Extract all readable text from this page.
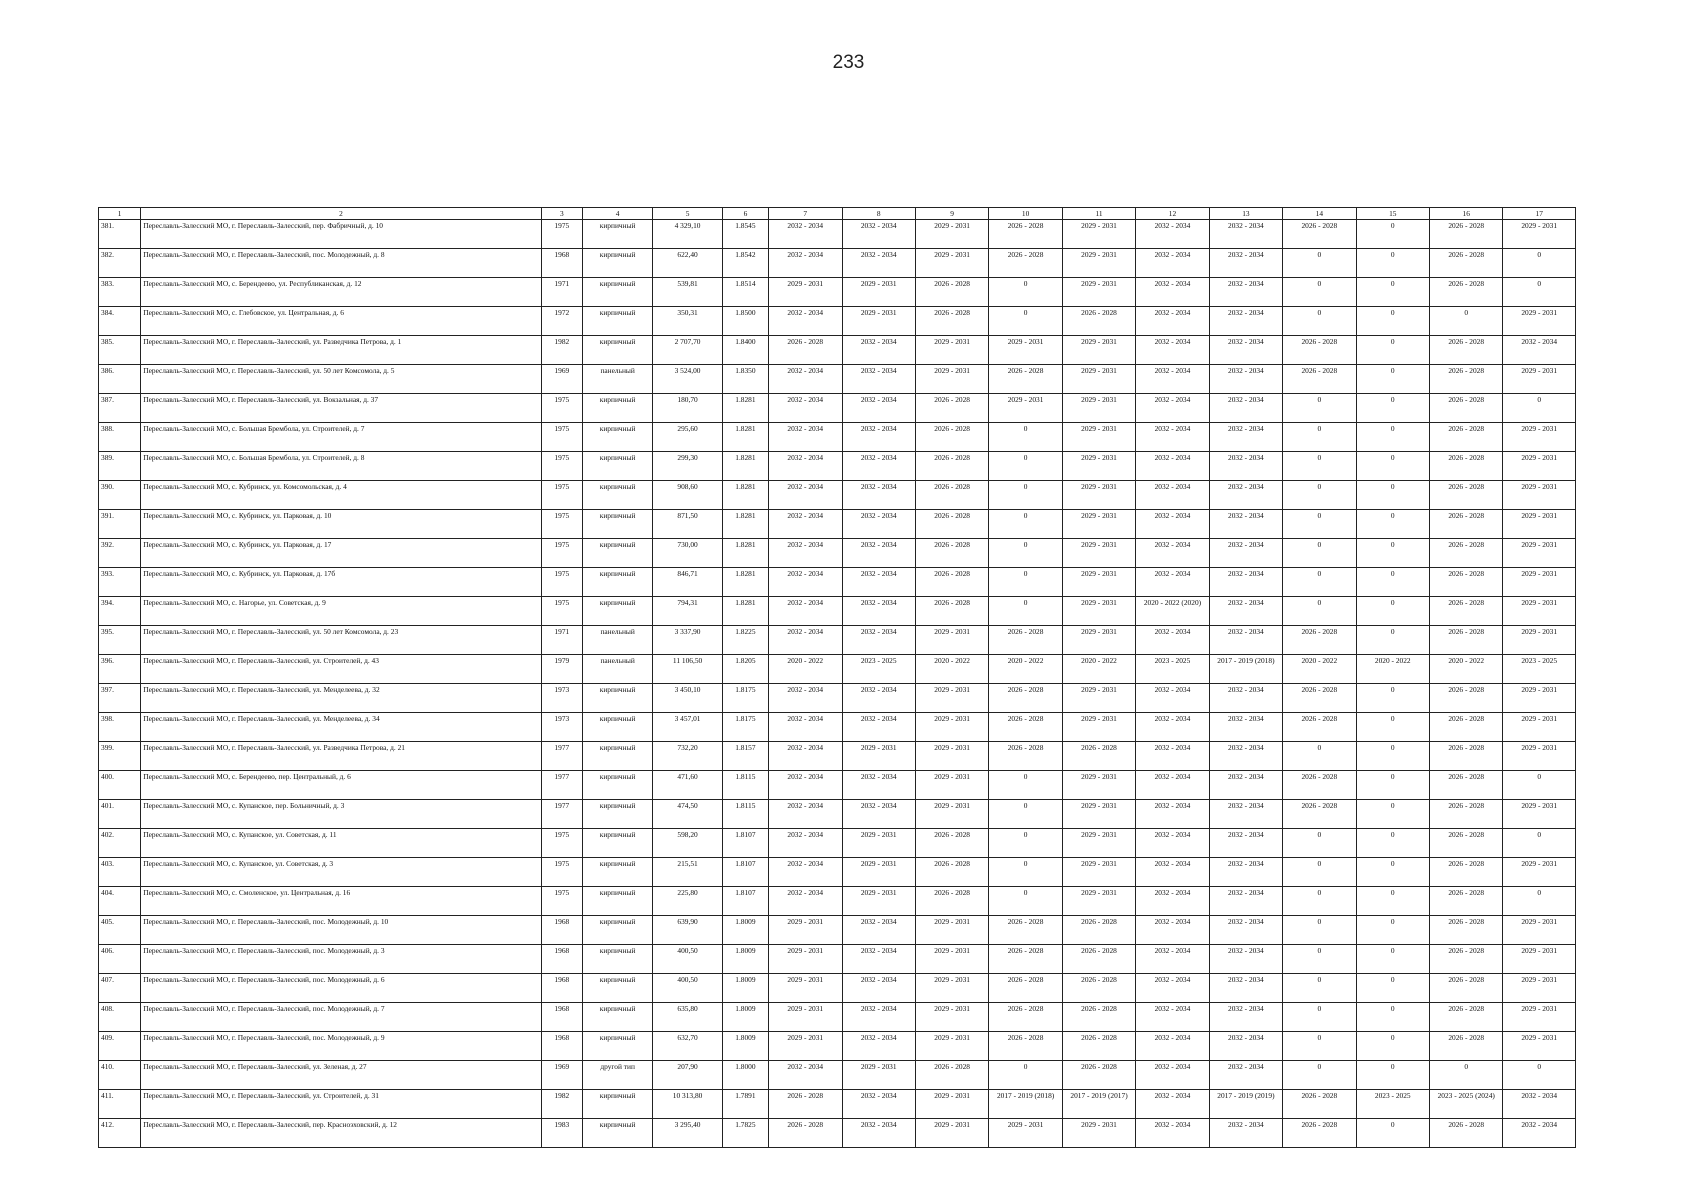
233
1	2	3	4	5	6	7	8	9	10	11	12	13	14	15	16	17
381.	Переславль-Залесский МО, г. Переславль-Залесский, пер. Фабричный, д. 10	1975	кирпичный	4 329,10	1.8545	2032 - 2034	2032 - 2034	2029 - 2031	2026 - 2028	2029 - 2031	2032 - 2034	2032 - 2034	2026 - 2028	0	2026 - 2028	2029 - 2031
382.	Переславль-Залесский МО, г. Переславль-Залесский, пос. Молодежный, д. 8	1968	кирпичный	622,40	1.8542	2032 - 2034	2032 - 2034	2029 - 2031	2026 - 2028	2029 - 2031	2032 - 2034	2032 - 2034	0	0	2026 - 2028	0
383.	Переславль-Залесский МО, с. Берендеево, ул. Республиканская, д. 12	1971	кирпичный	539,81	1.8514	2029 - 2031	2029 - 2031	2026 - 2028	0	2029 - 2031	2032 - 2034	2032 - 2034	0	0	2026 - 2028	0
384.	Переславль-Залесский МО, с. Глебовское, ул. Центральная, д. 6	1972	кирпичный	350,31	1.8500	2032 - 2034	2029 - 2031	2026 - 2028	0	2026 - 2028	2032 - 2034	2032 - 2034	0	0	0	2029 - 2031
385.	Переславль-Залесский МО, г. Переславль-Залесский, ул. Разведчика Петрова, д. 1	1982	кирпичный	2 707,70	1.8400	2026 - 2028	2032 - 2034	2029 - 2031	2029 - 2031	2029 - 2031	2032 - 2034	2032 - 2034	2026 - 2028	0	2026 - 2028	2032 - 2034
386.	Переславль-Залесский МО, г. Переславль-Залесский, ул. 50 лет Комсомола, д. 5	1969	панельный	3 524,00	1.8350	2032 - 2034	2032 - 2034	2029 - 2031	2026 - 2028	2029 - 2031	2032 - 2034	2032 - 2034	2026 - 2028	0	2026 - 2028	2029 - 2031
387.	Переславль-Залесский МО, г. Переславль-Залесский, ул. Вокзальная, д. 37	1975	кирпичный	180,70	1.8281	2032 - 2034	2032 - 2034	2026 - 2028	2029 - 2031	2029 - 2031	2032 - 2034	2032 - 2034	0	0	2026 - 2028	0
388.	Переславль-Залесский МО, с. Большая Брембола, ул. Строителей, д. 7	1975	кирпичный	295,60	1.8281	2032 - 2034	2032 - 2034	2026 - 2028	0	2029 - 2031	2032 - 2034	2032 - 2034	0	0	2026 - 2028	2029 - 2031
389.	Переславль-Залесский МО, с. Большая Брембола, ул. Строителей, д. 8	1975	кирпичный	299,30	1.8281	2032 - 2034	2032 - 2034	2026 - 2028	0	2029 - 2031	2032 - 2034	2032 - 2034	0	0	2026 - 2028	2029 - 2031
390.	Переславль-Залесский МО, с. Кубринск, ул. Комсомольская, д. 4	1975	кирпичный	908,60	1.8281	2032 - 2034	2032 - 2034	2026 - 2028	0	2029 - 2031	2032 - 2034	2032 - 2034	0	0	2026 - 2028	2029 - 2031
391.	Переславль-Залесский МО, с. Кубринск, ул. Парковая, д. 10	1975	кирпичный	871,50	1.8281	2032 - 2034	2032 - 2034	2026 - 2028	0	2029 - 2031	2032 - 2034	2032 - 2034	0	0	2026 - 2028	2029 - 2031
392.	Переславль-Залесский МО, с. Кубринск, ул. Парковая, д. 17	1975	кирпичный	730,00	1.8281	2032 - 2034	2032 - 2034	2026 - 2028	0	2029 - 2031	2032 - 2034	2032 - 2034	0	0	2026 - 2028	2029 - 2031
393.	Переславль-Залесский МО, с. Кубринск, ул. Парковая, д. 17б	1975	кирпичный	846,71	1.8281	2032 - 2034	2032 - 2034	2026 - 2028	0	2029 - 2031	2032 - 2034	2032 - 2034	0	0	2026 - 2028	2029 - 2031
394.	Переславль-Залесский МО, с. Нагорье, ул. Советская, д. 9	1975	кирпичный	794,31	1.8281	2032 - 2034	2032 - 2034	2026 - 2028	0	2029 - 2031	2020 - 2022 (2020)	2032 - 2034	0	0	2026 - 2028	2029 - 2031
395.	Переславль-Залесский МО, г. Переславль-Залесский, ул. 50 лет Комсомола, д. 23	1971	панельный	3 337,90	1.8225	2032 - 2034	2032 - 2034	2029 - 2031	2026 - 2028	2029 - 2031	2032 - 2034	2032 - 2034	2026 - 2028	0	2026 - 2028	2029 - 2031
396.	Переславль-Залесский МО, г. Переславль-Залесский, ул. Строителей, д. 43	1979	панельный	11 106,50	1.8205	2020 - 2022	2023 - 2025	2020 - 2022	2020 - 2022	2020 - 2022	2023 - 2025	2017 - 2019 (2018)	2020 - 2022	2020 - 2022	2020 - 2022	2023 - 2025
397.	Переславль-Залесский МО, г. Переславль-Залесский, ул. Менделеева, д. 32	1973	кирпичный	3 450,10	1.8175	2032 - 2034	2032 - 2034	2029 - 2031	2026 - 2028	2029 - 2031	2032 - 2034	2032 - 2034	2026 - 2028	0	2026 - 2028	2029 - 2031
398.	Переславль-Залесский МО, г. Переславль-Залесский, ул. Менделеева, д. 34	1973	кирпичный	3 457,01	1.8175	2032 - 2034	2032 - 2034	2029 - 2031	2026 - 2028	2029 - 2031	2032 - 2034	2032 - 2034	2026 - 2028	0	2026 - 2028	2029 - 2031
399.	Переславль-Залесский МО, г. Переславль-Залесский, ул. Разведчика Петрова, д. 21	1977	кирпичный	732,20	1.8157	2032 - 2034	2029 - 2031	2029 - 2031	2026 - 2028	2026 - 2028	2032 - 2034	2032 - 2034	0	0	2026 - 2028	2029 - 2031
400.	Переславль-Залесский МО, с. Берендеево, пер. Центральный, д. 6	1977	кирпичный	471,60	1.8115	2032 - 2034	2032 - 2034	2029 - 2031	0	2029 - 2031	2032 - 2034	2032 - 2034	2026 - 2028	0	2026 - 2028	0
401.	Переславль-Залесский МО, с. Купанское, пер. Больничный, д. 3	1977	кирпичный	474,50	1.8115	2032 - 2034	2032 - 2034	2029 - 2031	0	2029 - 2031	2032 - 2034	2032 - 2034	2026 - 2028	0	2026 - 2028	2029 - 2031
402.	Переславль-Залесский МО, с. Купанское, ул. Советская, д. 11	1975	кирпичный	598,20	1.8107	2032 - 2034	2029 - 2031	2026 - 2028	0	2029 - 2031	2032 - 2034	2032 - 2034	0	0	2026 - 2028	0
403.	Переславль-Залесский МО, с. Купанское, ул. Советская, д. 3	1975	кирпичный	215,51	1.8107	2032 - 2034	2029 - 2031	2026 - 2028	0	2029 - 2031	2032 - 2034	2032 - 2034	0	0	2026 - 2028	2029 - 2031
404.	Переславль-Залесский МО, с. Смоленское, ул. Центральная, д. 16	1975	кирпичный	225,80	1.8107	2032 - 2034	2029 - 2031	2026 - 2028	0	2029 - 2031	2032 - 2034	2032 - 2034	0	0	2026 - 2028	0
405.	Переславль-Залесский МО, г. Переславль-Залесский, пос. Молодежный, д. 10	1968	кирпичный	639,90	1.8009	2029 - 2031	2032 - 2034	2029 - 2031	2026 - 2028	2026 - 2028	2032 - 2034	2032 - 2034	0	0	2026 - 2028	2029 - 2031
406.	Переславль-Залесский МО, г. Переславль-Залесский, пос. Молодежный, д. 3	1968	кирпичный	400,50	1.8009	2029 - 2031	2032 - 2034	2029 - 2031	2026 - 2028	2026 - 2028	2032 - 2034	2032 - 2034	0	0	2026 - 2028	2029 - 2031
407.	Переславль-Залесский МО, г. Переславль-Залесский, пос. Молодежный, д. 6	1968	кирпичный	400,50	1.8009	2029 - 2031	2032 - 2034	2029 - 2031	2026 - 2028	2026 - 2028	2032 - 2034	2032 - 2034	0	0	2026 - 2028	2029 - 2031
408.	Переславль-Залесский МО, г. Переславль-Залесский, пос. Молодежный, д. 7	1968	кирпичный	635,80	1.8009	2029 - 2031	2032 - 2034	2029 - 2031	2026 - 2028	2026 - 2028	2032 - 2034	2032 - 2034	0	0	2026 - 2028	2029 - 2031
409.	Переславль-Залесский МО, г. Переславль-Залесский, пос. Молодежный, д. 9	1968	кирпичный	632,70	1.8009	2029 - 2031	2032 - 2034	2029 - 2031	2026 - 2028	2026 - 2028	2032 - 2034	2032 - 2034	0	0	2026 - 2028	2029 - 2031
410.	Переславль-Залесский МО, г. Переславль-Залесский, ул. Зеленая, д. 27	1969	другой тип	207,90	1.8000	2032 - 2034	2029 - 2031	2026 - 2028	0	2026 - 2028	2032 - 2034	2032 - 2034	0	0	0	0
411.	Переславль-Залесский МО, г. Переславль-Залесский, ул. Строителей, д. 31	1982	кирпичный	10 313,80	1.7891	2026 - 2028	2032 - 2034	2029 - 2031	2017 - 2019 (2018)	2017 - 2019 (2017)	2032 - 2034	2017 - 2019 (2019)	2026 - 2028	2023 - 2025	2023 - 2025 (2024)	2032 - 2034
412.	Переславль-Залесский МО, г. Переславль-Залесский, пер. Красноэховский, д. 12	1983	кирпичный	3 295,40	1.7825	2026 - 2028	2032 - 2034	2029 - 2031	2029 - 2031	2029 - 2031	2032 - 2034	2032 - 2034	2026 - 2028	0	2026 - 2028	2032 - 2034
